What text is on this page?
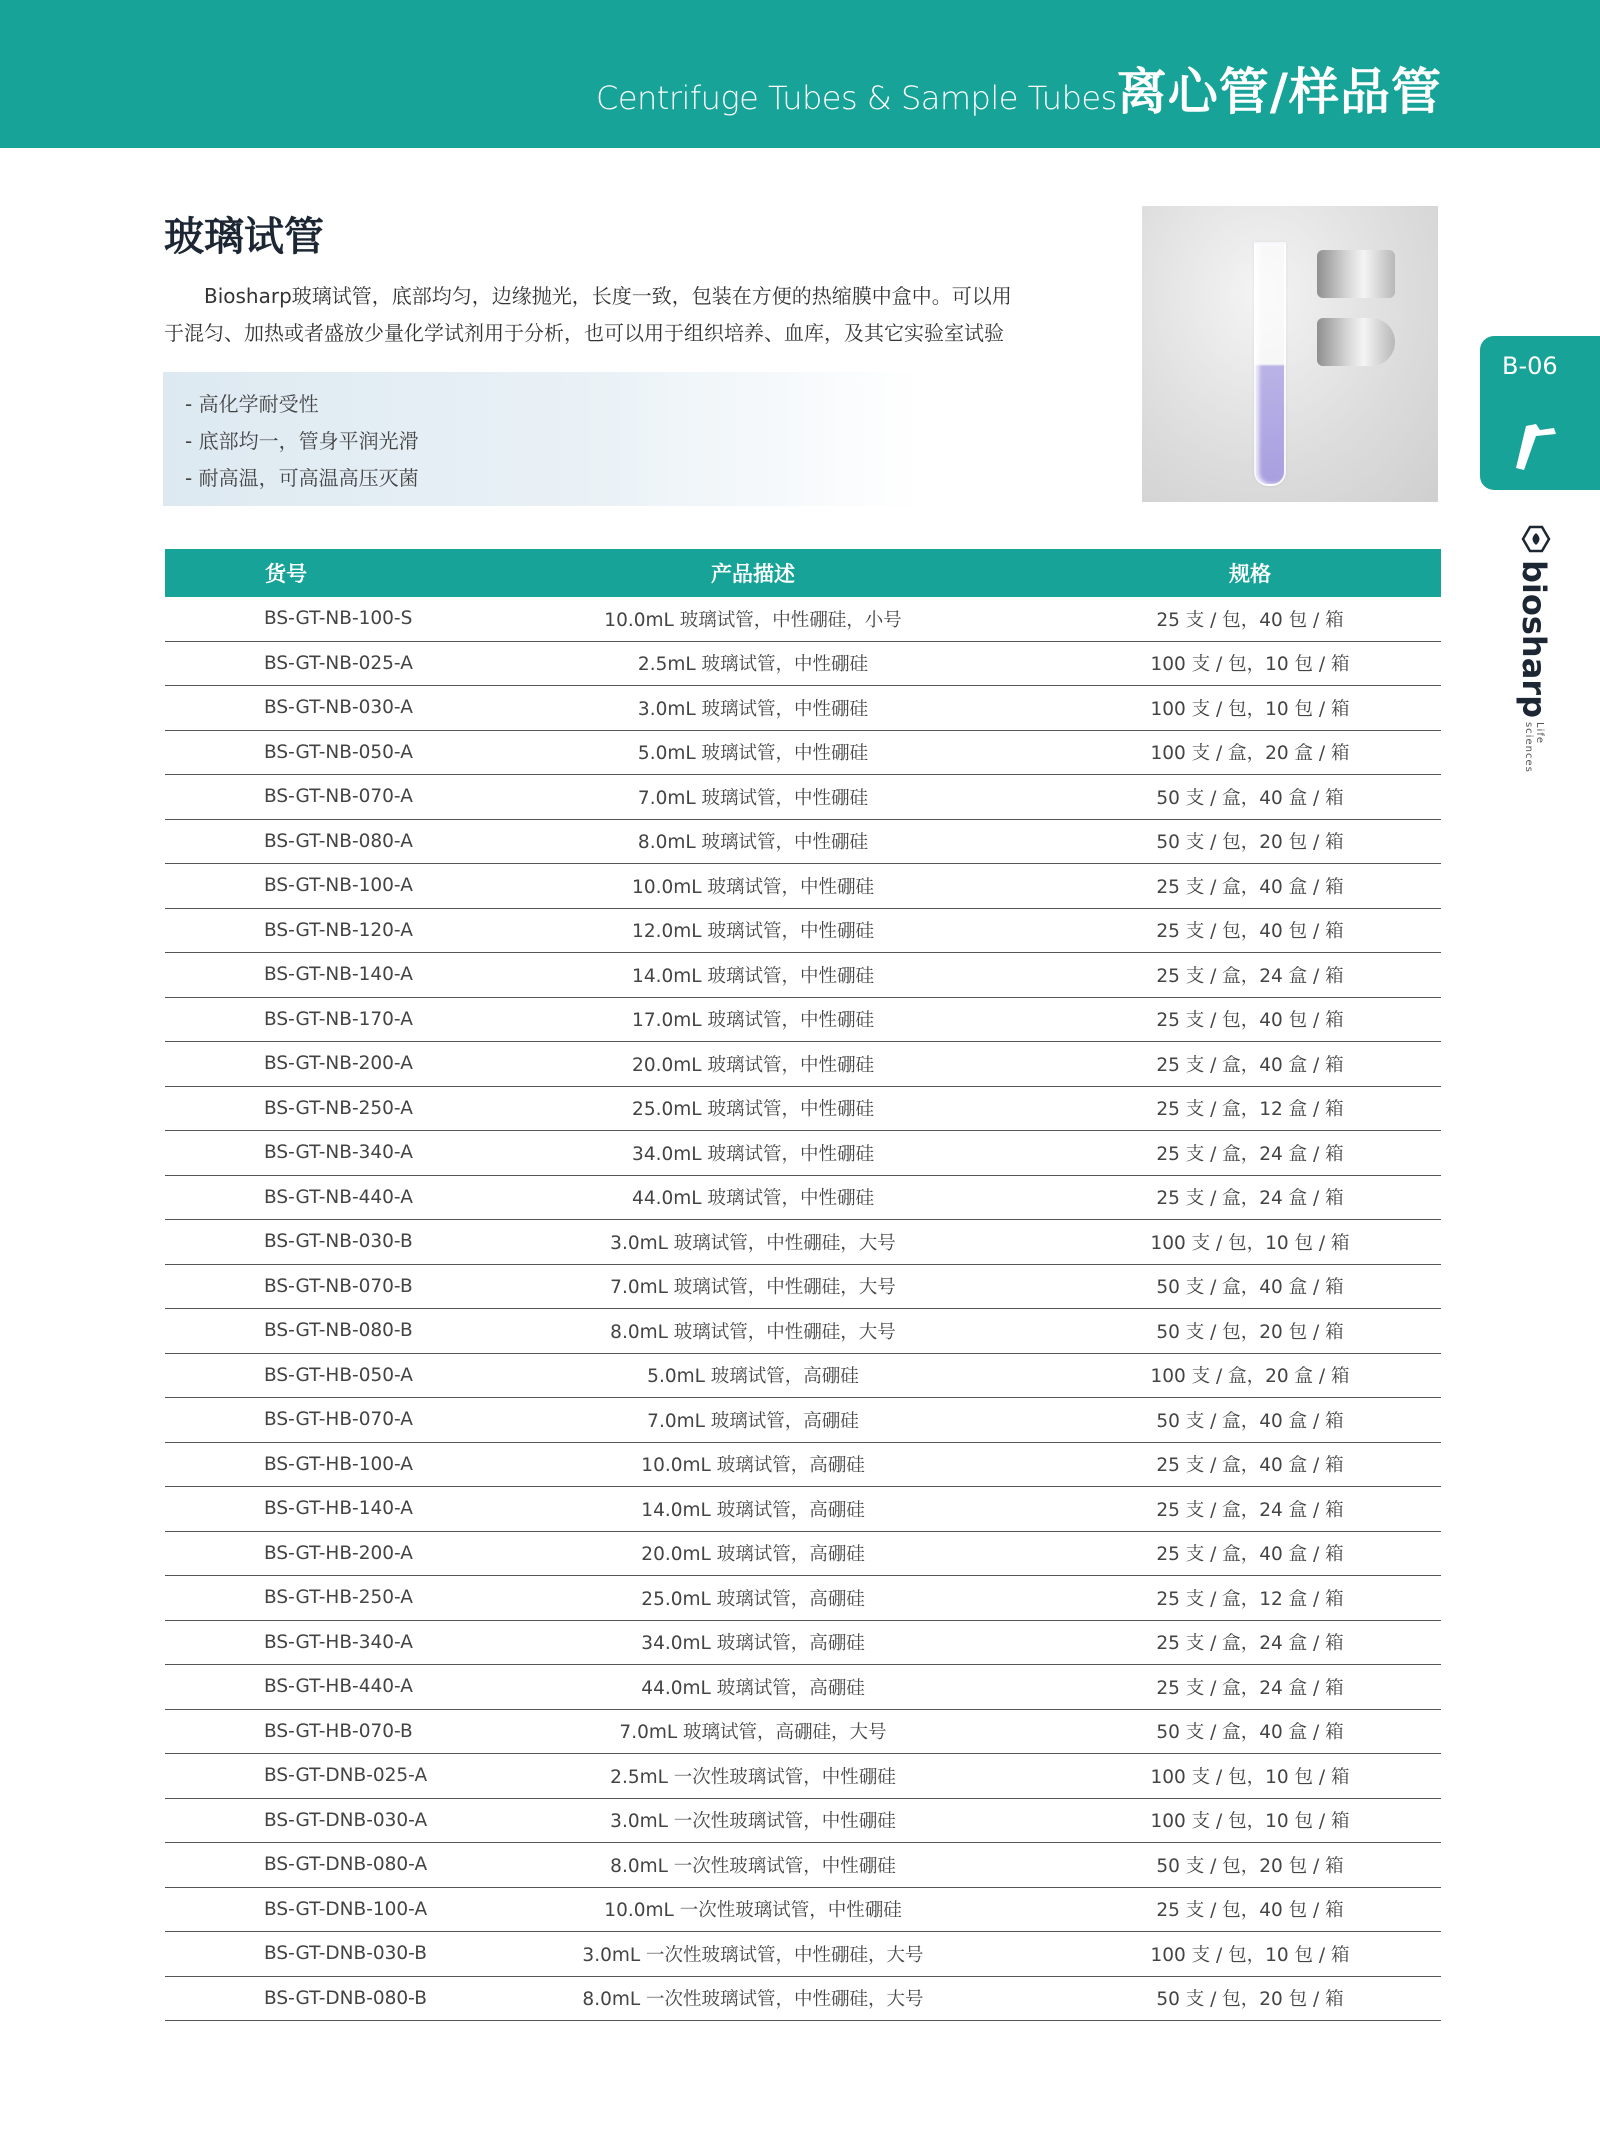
Centrifuge Tubes & Sample Tubes 离心管/样品管
玻璃试管

Biosharp玻璃试管，底部均匀，边缘抛光，长度一致，包装在方便的热缩膜中盒中。可以用于混匀、加热或者盛放少量化学试剂用于分析，也可以用于组织培养、血库，及其它实验室试验

- 高化学耐受性
- 底部均一，管身平润光滑
- 耐高温，可高温高压灭菌
B-06
biosharp
Life sciences
货号	产品描述	规格
BS-GT-NB-100-S	10.0mL 玻璃试管，中性硼硅，小号	25 支 / 包，40 包 / 箱
BS-GT-NB-025-A	2.5mL 玻璃试管，中性硼硅	100 支 / 包，10 包 / 箱
BS-GT-NB-030-A	3.0mL 玻璃试管，中性硼硅	100 支 / 包，10 包 / 箱
BS-GT-NB-050-A	5.0mL 玻璃试管，中性硼硅	100 支 / 盒，20 盒 / 箱
BS-GT-NB-070-A	7.0mL 玻璃试管，中性硼硅	50 支 / 盒，40 盒 / 箱
BS-GT-NB-080-A	8.0mL 玻璃试管，中性硼硅	50 支 / 包，20 包 / 箱
BS-GT-NB-100-A	10.0mL 玻璃试管，中性硼硅	25 支 / 盒，40 盒 / 箱
BS-GT-NB-120-A	12.0mL 玻璃试管，中性硼硅	25 支 / 包，40 包 / 箱
BS-GT-NB-140-A	14.0mL 玻璃试管，中性硼硅	25 支 / 盒，24 盒 / 箱
BS-GT-NB-170-A	17.0mL 玻璃试管，中性硼硅	25 支 / 包，40 包 / 箱
BS-GT-NB-200-A	20.0mL 玻璃试管，中性硼硅	25 支 / 盒，40 盒 / 箱
BS-GT-NB-250-A	25.0mL 玻璃试管，中性硼硅	25 支 / 盒，12 盒 / 箱
BS-GT-NB-340-A	34.0mL 玻璃试管，中性硼硅	25 支 / 盒，24 盒 / 箱
BS-GT-NB-440-A	44.0mL 玻璃试管，中性硼硅	25 支 / 盒，24 盒 / 箱
BS-GT-NB-030-B	3.0mL 玻璃试管，中性硼硅，大号	100 支 / 包，10 包 / 箱
BS-GT-NB-070-B	7.0mL 玻璃试管，中性硼硅，大号	50 支 / 盒，40 盒 / 箱
BS-GT-NB-080-B	8.0mL 玻璃试管，中性硼硅，大号	50 支 / 包，20 包 / 箱
BS-GT-HB-050-A	5.0mL 玻璃试管，高硼硅	100 支 / 盒，20 盒 / 箱
BS-GT-HB-070-A	7.0mL 玻璃试管，高硼硅	50 支 / 盒，40 盒 / 箱
BS-GT-HB-100-A	10.0mL 玻璃试管，高硼硅	25 支 / 盒，40 盒 / 箱
BS-GT-HB-140-A	14.0mL 玻璃试管，高硼硅	25 支 / 盒，24 盒 / 箱
BS-GT-HB-200-A	20.0mL 玻璃试管，高硼硅	25 支 / 盒，40 盒 / 箱
BS-GT-HB-250-A	25.0mL 玻璃试管，高硼硅	25 支 / 盒，12 盒 / 箱
BS-GT-HB-340-A	34.0mL 玻璃试管，高硼硅	25 支 / 盒，24 盒 / 箱
BS-GT-HB-440-A	44.0mL 玻璃试管，高硼硅	25 支 / 盒，24 盒 / 箱
BS-GT-HB-070-B	7.0mL 玻璃试管，高硼硅，大号	50 支 / 盒，40 盒 / 箱
BS-GT-DNB-025-A	2.5mL 一次性玻璃试管，中性硼硅	100 支 / 包，10 包 / 箱
BS-GT-DNB-030-A	3.0mL 一次性玻璃试管，中性硼硅	100 支 / 包，10 包 / 箱
BS-GT-DNB-080-A	8.0mL 一次性玻璃试管，中性硼硅	50 支 / 包，20 包 / 箱
BS-GT-DNB-100-A	10.0mL 一次性玻璃试管，中性硼硅	25 支 / 包，40 包 / 箱
BS-GT-DNB-030-B	3.0mL 一次性玻璃试管，中性硼硅，大号	100 支 / 包，10 包 / 箱
BS-GT-DNB-080-B	8.0mL 一次性玻璃试管，中性硼硅，大号	50 支 / 包，20 包 / 箱
